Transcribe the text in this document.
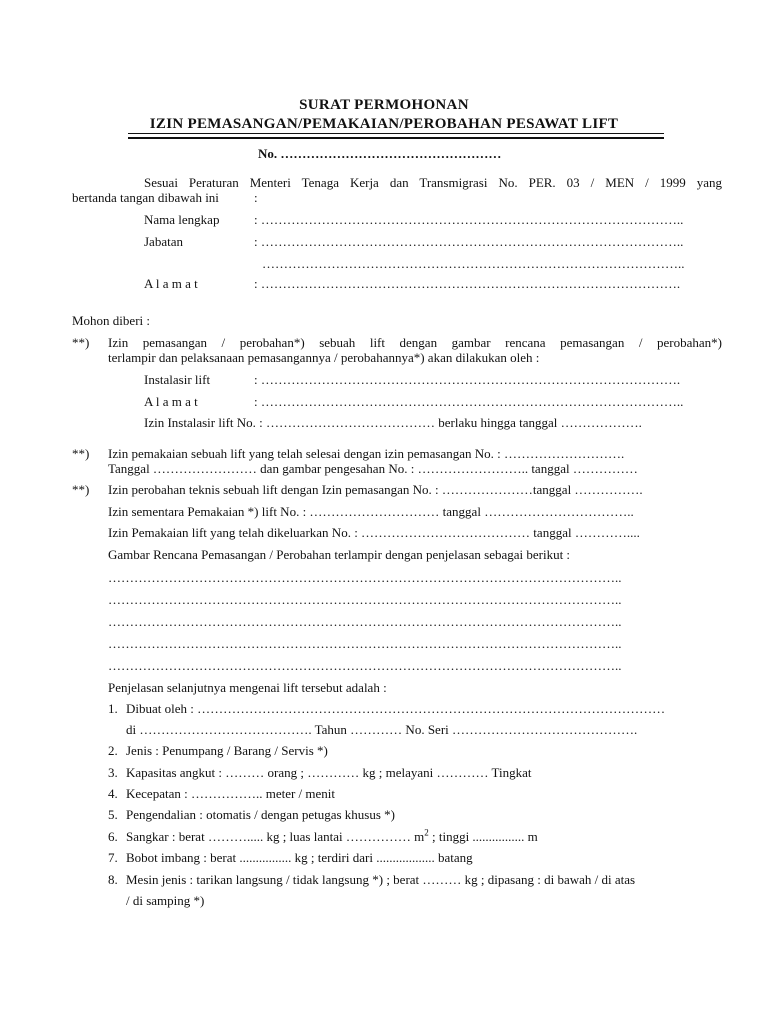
SURAT PERMOHONAN
IZIN PEMASANGAN/PEMAKAIAN/PEROBAHAN PESAWAT LIFT
No. ……………………………………………
Sesuai Peraturan Menteri Tenaga Kerja dan Transmigrasi No. PER. 03 / MEN / 1999 yang
bertanda tangan dibawah ini	:
Nama lengkap	: ……………………………………………………………………………………..
Jabatan	: ……………………………………………………………………………………..
……………………………………………………………………………………..
A l a m a t	: …………………………………………………………………………………….
Mohon diberi :
**) Izin pemasangan / perobahan*) sebuah lift dengan gambar rencana pemasangan / perobahan*)
terlampir dan pelaksanaan pemasangannya / perobahannya*) akan dilakukan oleh :
Instalasir lift	: …………………………………………………………………………………….
A l a m a t	: ……………………………………………………………………………………..
Izin Instalasir lift No. : ………………………………… berlaku hingga tanggal ……………….
**) Izin pemakaian sebuah lift yang telah selesai dengan izin pemasangan No. : ……………………….
Tanggal …………………… dan gambar pengesahan No. : …………………….. tanggal ……………
**) Izin perobahan teknis sebuah lift dengan Izin pemasangan No. : …………………tanggal …………….
Izin sementara Pemakaian *) lift No. : ………………………… tanggal ……………………………..
Izin Pemakaian lift yang telah dikeluarkan No. : ………………………………… tanggal …………....
Gambar Rencana Pemasangan / Perobahan terlampir dengan penjelasan sebagai berikut :
………………………………………………………………………………………………………..
………………………………………………………………………………………………………..
………………………………………………………………………………………………………..
………………………………………………………………………………………………………..
………………………………………………………………………………………………………..
Penjelasan selanjutnya mengenai lift tersebut adalah :
1. Dibuat oleh : ………………………………………………………………………………………………
di …………………………………. Tahun ………… No. Seri …………………………………….
2. Jenis : Penumpang / Barang / Servis *)
3. Kapasitas angkut : ……… orang ; ………… kg ; melayani ………… Tingkat
4. Kecepatan : …………….. meter / menit
5. Pengendalian : otomatis / dengan petugas khusus *)
6. Sangkar : berat ………..... kg ; luas lantai …………… $m^2$ ; tinggi ................ m
7. Bobot imbang : berat ................ kg ; terdiri dari .................. batang
8. Mesin jenis : tarikan langsung / tidak langsung *) ; berat ……… kg ; dipasang : di bawah / di atas
/ di samping *)
